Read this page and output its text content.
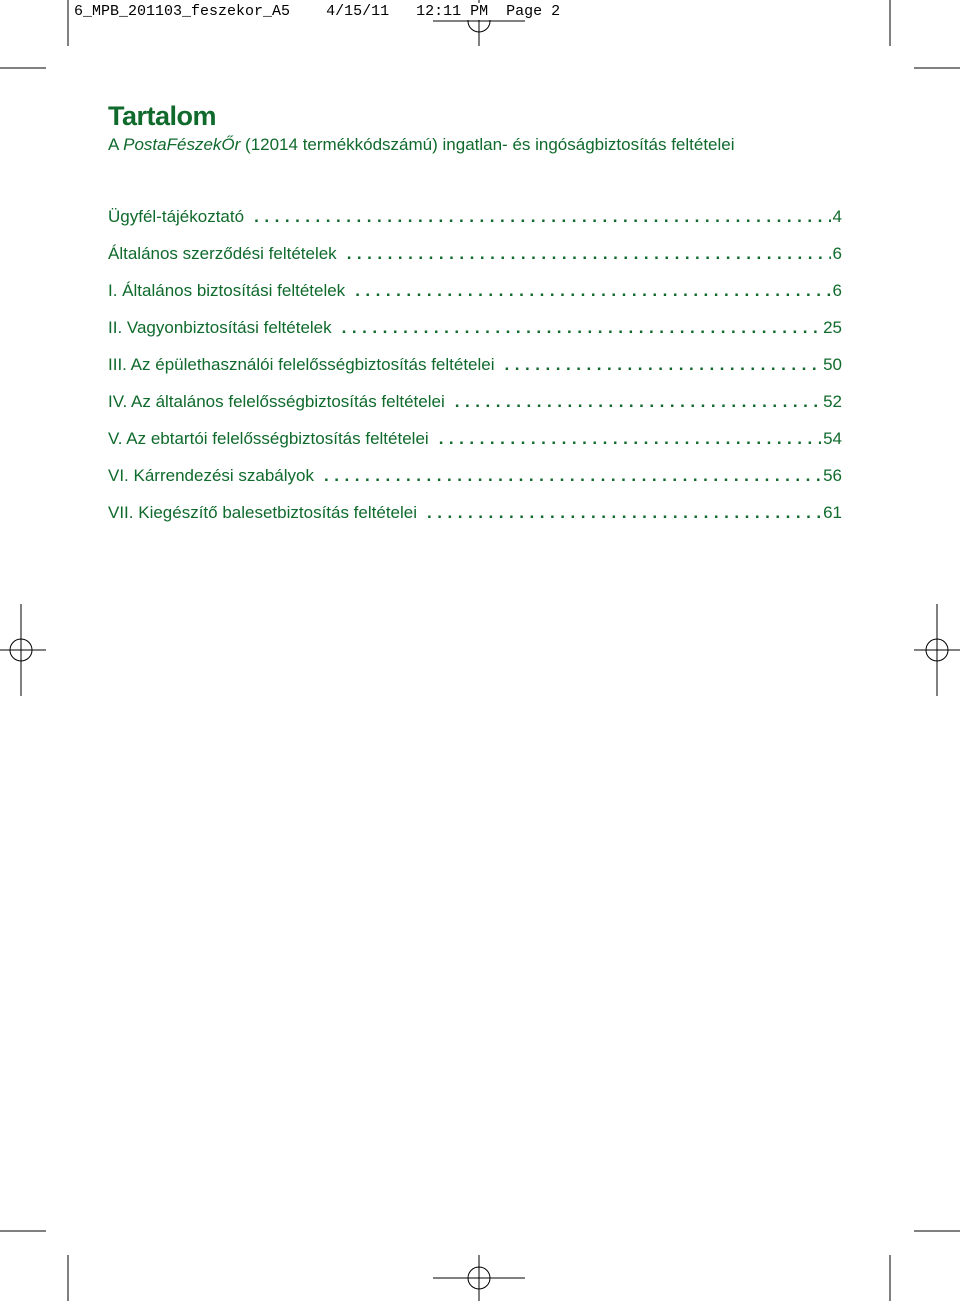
6_MPB_201103_feszekor_A5 4/15/11 12:11 PM Page 2
Tartalom

A PostaFészekŐr (12014 termékkódszámú) ingatlan- és ingóságbiztosítás feltételei

Ügyfél-tájékoztató . . .	4
Általános szerződési feltételek . . .	6
I. Általános biztosítási feltételek . . .	6
II. Vagyonbiztosítási feltételek . . .	25
III. Az épülethasználói felelősségbiztosítás feltételei . . .	50
IV. Az általános felelősségbiztosítás feltételei . . .	52
V. Az ebtartói felelősségbiztosítás feltételei . . .	54
VI. Kárrendezési szabályok . . .	56
VII. Kiegészítő balesetbiztosítás feltételei . . .	61
